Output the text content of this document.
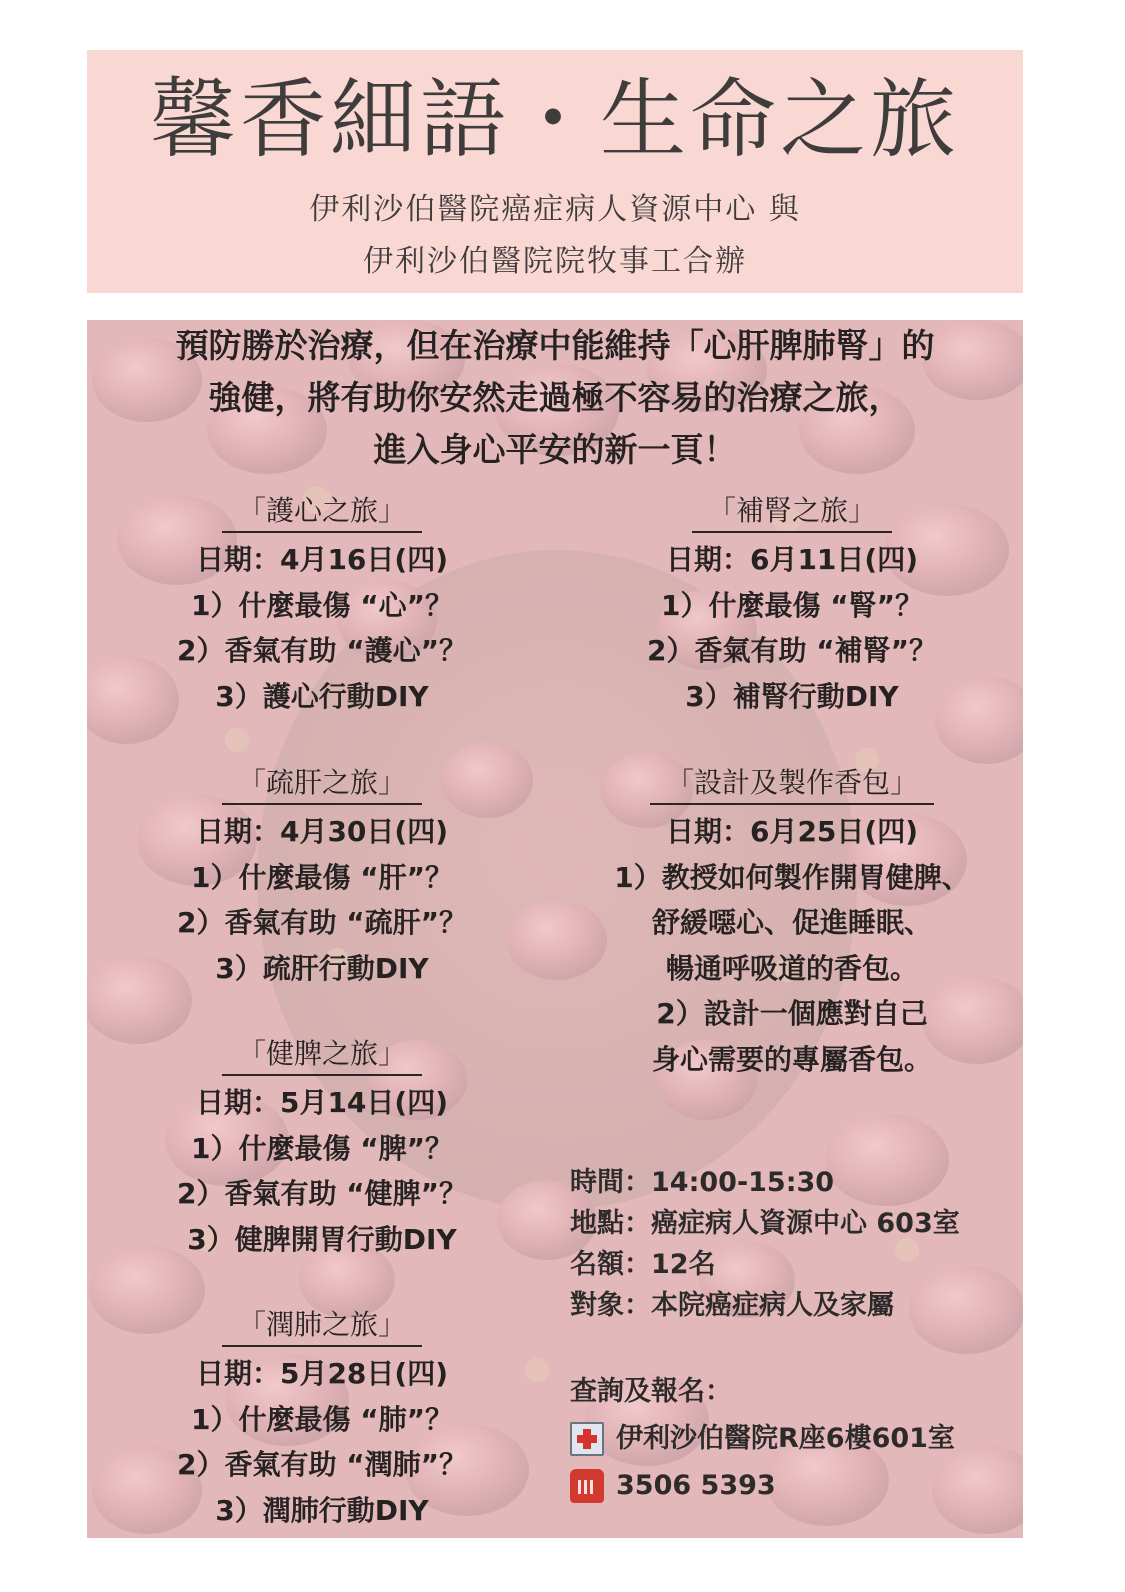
馨香細語・生命之旅
伊利沙伯醫院癌症病人資源中心 與
伊利沙伯醫院院牧事工合辦
預防勝於治療，但在治療中能維持「心肝脾肺腎」的
強健，將有助你安然走過極不容易的治療之旅，
進入身心平安的新一頁！
「護心之旅」
日期：4月16日(四)
1）什麼最傷 “心”？
2）香氣有助 “護心”？
3）護心行動DIY
「疏肝之旅」
日期：4月30日(四)
1）什麼最傷 “肝”？
2）香氣有助 “疏肝”？
3）疏肝行動DIY
「健脾之旅」
日期：5月14日(四)
1）什麼最傷 “脾”？
2）香氣有助 “健脾”？
3）健脾開胃行動DIY
「潤肺之旅」
日期：5月28日(四)
1）什麼最傷 “肺”？
2）香氣有助 “潤肺”？
3）潤肺行動DIY
「補腎之旅」
日期：6月11日(四)
1）什麼最傷 “腎”？
2）香氣有助 “補腎”？
3）補腎行動DIY
「設計及製作香包」
日期：6月25日(四)
1）教授如何製作開胃健脾、
舒緩噁心、促進睡眠、
暢通呼吸道的香包。
2）設計一個應對自己
身心需要的專屬香包。
時間：14:00-15:30
地點：癌症病人資源中心 603室
名額：12名
對象：本院癌症病人及家屬
查詢及報名：
伊利沙伯醫院R座6樓601室
3506 5393
